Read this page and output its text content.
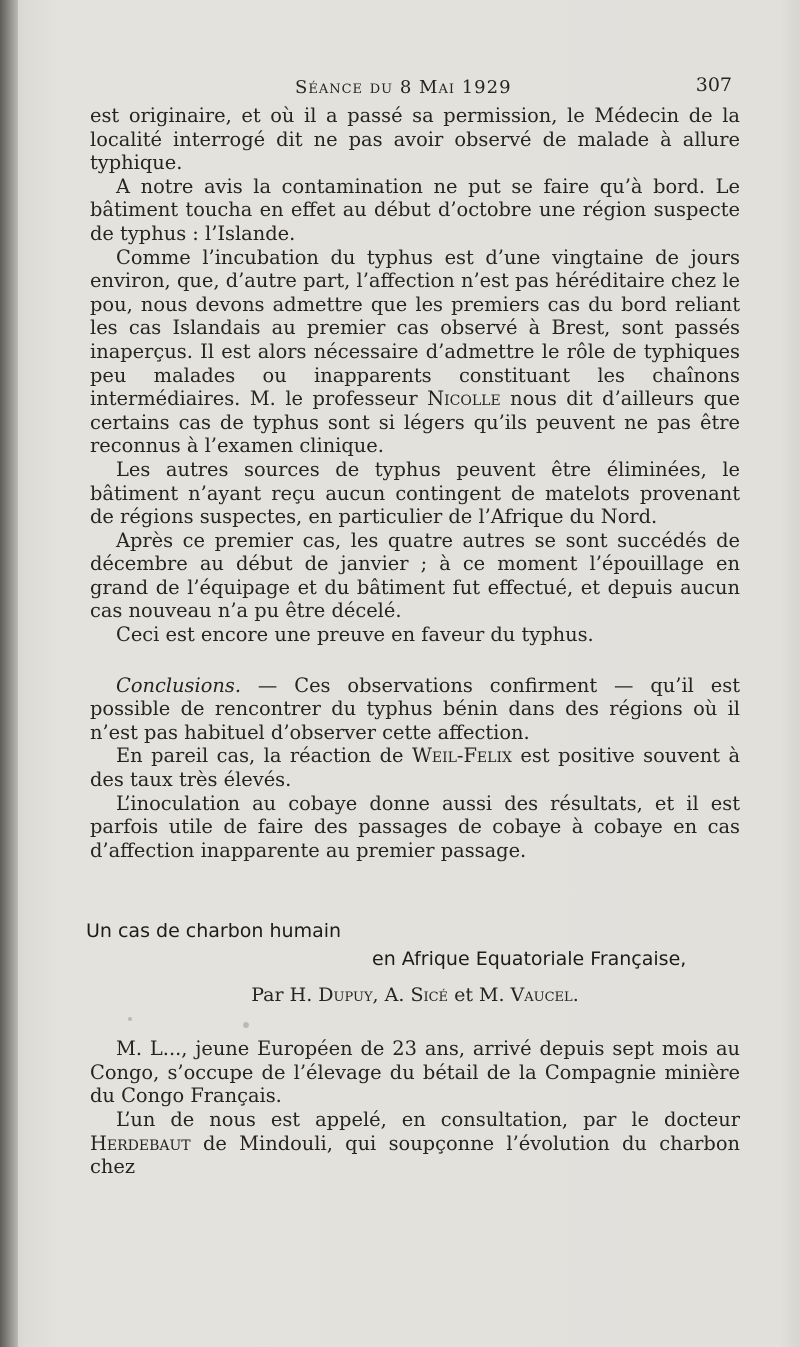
Séance du 8 Mai 1929	307

est originaire, et où il a passé sa permission, le Médecin de la localité interrogé dit ne pas avoir observé de malade à allure typhique.

A notre avis la contamination ne put se faire qu’à bord. Le bâtiment toucha en effet au début d’octobre une région suspecte de typhus : l’Islande.

Comme l’incubation du typhus est d’une vingtaine de jours environ, que, d’autre part, l’affection n’est pas héréditaire chez le pou, nous devons admettre que les premiers cas du bord reliant les cas Islandais au premier cas observé à Brest, sont passés inaperçus. Il est alors nécessaire d’admettre le rôle de typhiques peu malades ou inapparents constituant les chaînons intermédiaires. M. le professeur Nicolle nous dit d’ailleurs que certains cas de typhus sont si légers qu’ils peuvent ne pas être reconnus à l’examen clinique.

Les autres sources de typhus peuvent être éliminées, le bâtiment n’ayant reçu aucun contingent de matelots provenant de régions suspectes, en particulier de l’Afrique du Nord.

Après ce premier cas, les quatre autres se sont succédés de décembre au début de janvier ; à ce moment l’épouillage en grand de l’équipage et du bâtiment fut effectué, et depuis aucun cas nouveau n’a pu être décelé.

Ceci est encore une preuve en faveur du typhus.

Conclusions. — Ces observations confirment — qu’il est possible de rencontrer du typhus bénin dans des régions où il n’est pas habituel d’observer cette affection.

En pareil cas, la réaction de Weil-Felix est positive souvent à des taux très élevés.

L’inoculation au cobaye donne aussi des résultats, et il est parfois utile de faire des passages de cobaye à cobaye en cas d’affection inapparente au premier passage.

Un cas de charbon humain
en Afrique Equatoriale Française,
Par H. Dupuy, A. Sicé et M. Vaucel.

M. L..., jeune Européen de 23 ans, arrivé depuis sept mois au Congo, s’occupe de l’élevage du bétail de la Compagnie minière du Congo Français.

L’un de nous est appelé, en consultation, par le docteur Herdebaut de Mindouli, qui soupçonne l’évolution du charbon chez
